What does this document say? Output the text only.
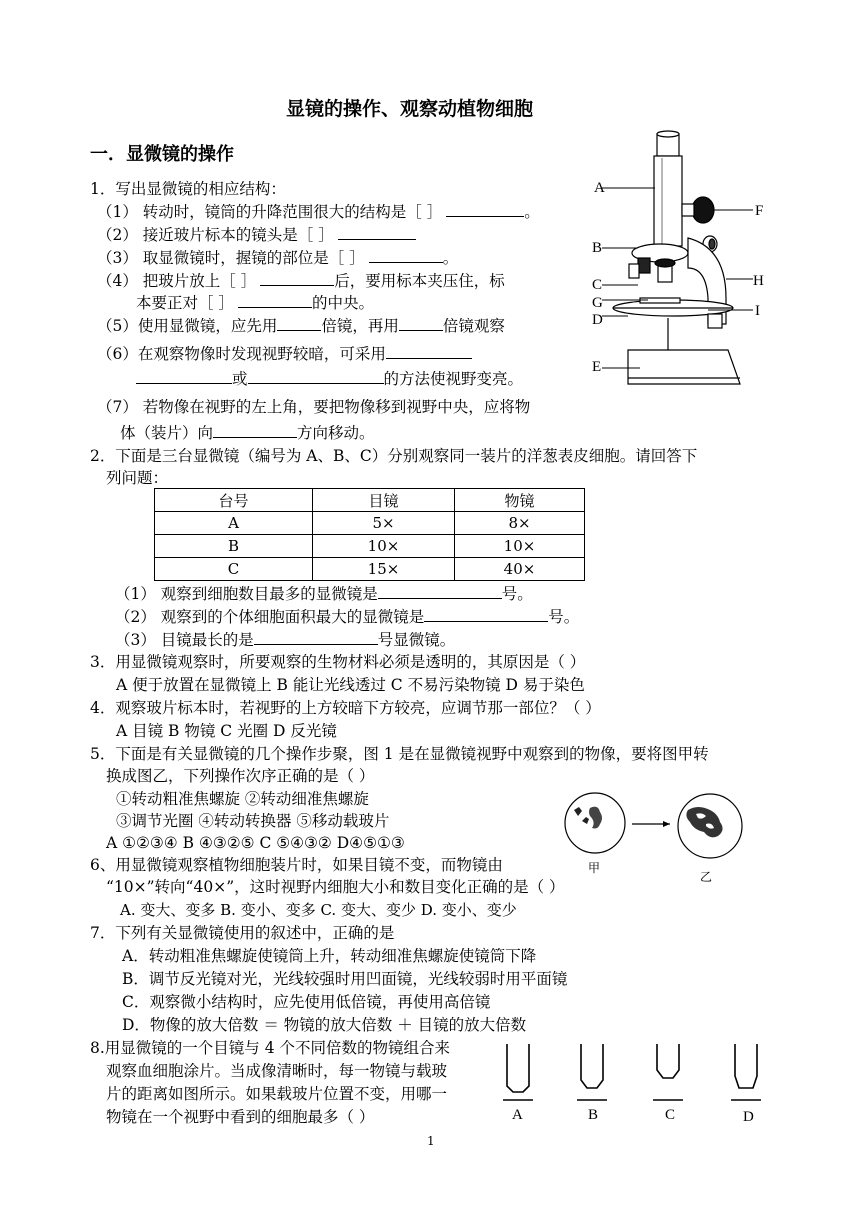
显镜的操作、观察动植物细胞
一．显微镜的操作
1．写出显微镜的相应结构：
（1） 转动时，镜筒的升降范围很大的结构是［ ］	。
（2） 接近玻片标本的镜头是［ ］
（3） 取显微镜时，握镜的部位是［ ］	。
（4） 把玻片放上［ ］	后，要用标本夹压住，标
本要正对［ ］	的中央。
（5）使用显微镜，应先用	倍镜，再用	倍镜观察
（6）在观察物像时发现视野较暗，可采用
或	的方法使视野变亮。
（7） 若物像在视野的左上角，要把物像移到视野中央，应将物
体（装片）向	方向移动。
A
F
B
C	H
G	I
D
E
2．下面是三台显微镜（编号为 A、B、C）分别观察同一装片的洋葱表皮细胞。请回答下
列问题：
台号	目镜	物镜
A	5×	8×
B	10×	10×
C	15×	40×
（1） 观察到细胞数目最多的显微镜是	号。
（2） 观察到的个体细胞面积最大的显微镜是	号。
（3） 目镜最长的是	号显微镜。
3．用显微镜观察时，所要观察的生物材料必须是透明的，其原因是（ ）
A 便于放置在显微镜上 B 能让光线透过 C 不易污染物镜 D 易于染色
4．观察玻片标本时，若视野的上方较暗下方较亮，应调节那一部位？（ ）
A 目镜 B 物镜 C 光圈 D 反光镜
5．下面是有关显微镜的几个操作步聚，图 1 是在显微镜视野中观察到的物像，要将图甲转
换成图乙，下列操作次序正确的是（ ）
①转动粗准焦螺旋 ②转动细准焦螺旋
③调节光圈 ④转动转换器 ⑤移动载玻片
A ①②③④ B ④③②⑤ C ⑤④③② D④⑤①③
甲
乙
6、用显微镜观察植物细胞装片时，如果目镜不变，而物镜由
“10×”转向“40×”，这时视野内细胞大小和数目变化正确的是（ ）
A. 变大、变多 B. 变小、变多 C. 变大、变少 D. 变小、变少
7．下列有关显微镜使用的叙述中，正确的是
A．转动粗准焦螺旋使镜筒上升，转动细准焦螺旋使镜筒下降
B．调节反光镜对光，光线较强时用凹面镜，光线较弱时用平面镜
C．观察微小结构时，应先使用低倍镜，再使用高倍镜
D．物像的放大倍数 ＝ 物镜的放大倍数 ＋ 目镜的放大倍数
8.用显微镜的一个目镜与 4 个不同倍数的物镜组合来
观察血细胞涂片。当成像清晰时，每一物镜与载玻
片的距离如图所示。如果载玻片位置不变，用哪一
物镜在一个视野中看到的细胞最多（ ）	A	B	C	D
1
